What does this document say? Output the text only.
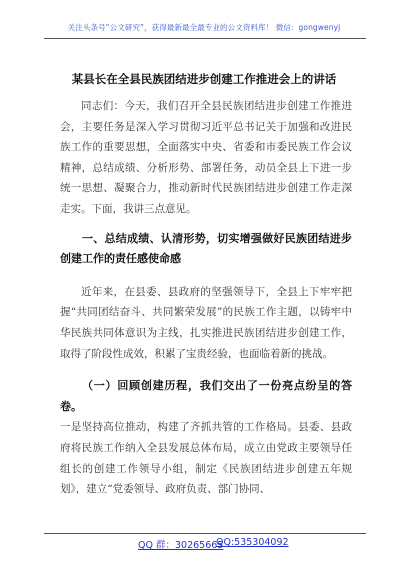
关注头条号“公文研究”，获得最新最全最专业的公文资料库！ 微信：gongwenyj
某县长在全县民族团结进步创建工作推进会上的讲话

同志们：今天，我们召开全县民族团结进步创建工作推进会，主要任务是深入学习贯彻习近平总书记关于加强和改进民族工作的重要思想，全面落实中央、省委和市委民族工作会议精神，总结成绩、分析形势、部署任务，动员全县上下进一步统一思想、凝聚合力，推动新时代民族团结进步创建工作走深走实。下面，我讲三点意见。

一、总结成绩、认清形势，切实增强做好民族团结进步创建工作的责任感使命感

近年来，在县委、县政府的坚强领导下，全县上下牢牢把握“共同团结奋斗、共同繁荣发展”的民族工作主题，以铸牢中华民族共同体意识为主线，扎实推进民族团结进步创建工作，取得了阶段性成效，积累了宝贵经验，也面临着新的挑战。

（一）回顾创建历程，我们交出了一份亮点纷呈的答卷。

一是坚持高位推动，构建了齐抓共管的工作格局。县委、县政府将民族工作纳入全县发展总体布局，成立由党政主要领导任组长的创建工作领导小组，制定《民族团结进步创建五年规划》，建立“党委领导、政府负责、部门协同、

QQ 群：30265665
QQ:535304092
